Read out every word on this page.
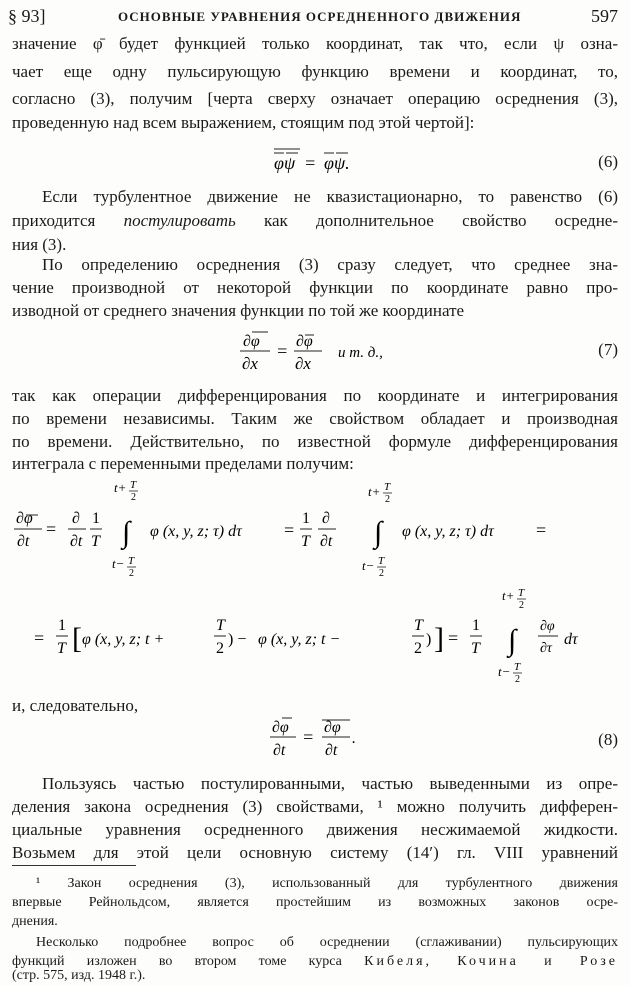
§ 93]	ОСНОВНЫЕ УРАВНЕНИЯ ОСРЕДНЕННОГО ДВИЖЕНИЯ	597
значение φ̄ будет функцией только координат, так что, если ψ озна-
чает еще одну пульсирующую функцию времени и координат, то,
согласно (3), получим [черта сверху означает операцию осреднения (3),
проведенную над всем выражением, стоящим под этой чертой]:
φψ = φψ.	(6)
Если турбулентное движение не квазистационарно, то равенство (6)
приходится постулировать как дополнительное свойство осредне-
ния (3).
По определению осреднения (3) сразу следует, что среднее зна-
чение производной от некоторой функции по координате равно про-
изводной от среднего значения функции по той же координате
∂φ
∂x
= ∂φ
∂x
и т. д.,	(7)
так как операции дифференцирования по координате и интегрирования
по времени независимы. Таким же свойством обладает и производная
по времени. Действительно, по известной формуле дифференцирования
интеграла с переменными пределами получим:
∂φ
∂t
=
∂
∂t
1
T
t+ T
2
∫
t− T
2
φ (x, y, z; τ) dτ =
1
T
∂
∂t
t+ T
2
∫
t− T
2
φ (x, y, z; τ) dτ =
=
1
T [ φ (x, y, z; t +
T
2
) − φ (x, y, z; t −
T
2
) ] =
1
T
t+ T
2
∫
t− T
2
∂φ
∂τ
dτ
и, следовательно,
∂φ
∂t
= ∂φ
∂t
.	(8)
Пользуясь частью постулированными, частью выведенными из опре-
деления закона осреднения (3) свойствами, ¹ можно получить дифферен-
циальные уравнения осредненного движения несжимаемой жидкости.
Возьмем для этой цели основную систему (14′) гл. VIII уравнений
¹ Закон осреднения (3), использованный для турбулентного движения
впервые Рейнольдсом, является простейшим из возможных законов осре-
днения.
Несколько подробнее вопрос об осреднении (сглаживании) пульсирующих
функций изложен во втором томе курса Кибеля, Кочина и Розе
(стр. 575, изд. 1948 г.).
